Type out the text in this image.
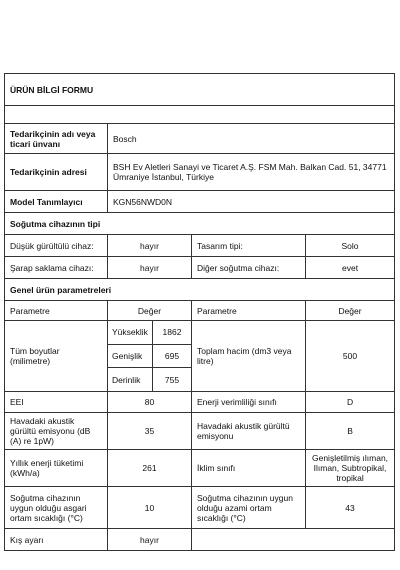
ÜRÜN BİLGİ FORMU

Tedarikçinin adı veya ticari ünvanı	Bosch
Tedarikçinin adresi	BSH Ev Aletleri Sanayi ve Ticaret A.Ş. FSM Mah. Balkan Cad. 51, 34771 Ümraniye İstanbul, Türkiye
Model Tanımlayıcı	KGN56NWD0N
Soğutma cihazının tipi
Düşük gürültülü cihaz:	hayır	Tasarım tipi:	Solo
Şarap saklama cihazı:	hayır	Diğer soğutma cihazı:	evet
Genel ürün parametreleri
Parametre	Değer	Parametre	Değer
Tüm boyutlar (milimetre)	
Yükseklik	1862
Genişlik	695
Derinlik	755
	Toplam hacim (dm3 veya litre)	500
EEI	80	Enerji verimliliği sınıfı	D
Havadaki akustik gürültü emisyonu (dB (A) re 1pW)	35	Havadaki akustik gürültü emisyonu	B
Yıllık enerji tüketimi (kWh/a)	261	İklim sınıfı	Genişletilmiş ılıman, Ilıman, Subtropikal, tropikal
Soğutma cihazının uygun olduğu asgari ortam sıcaklığı (°C)	10	Soğutma cihazının uygun olduğu azami ortam sıcaklığı (°C)	43
Kış ayarı	hayır	
